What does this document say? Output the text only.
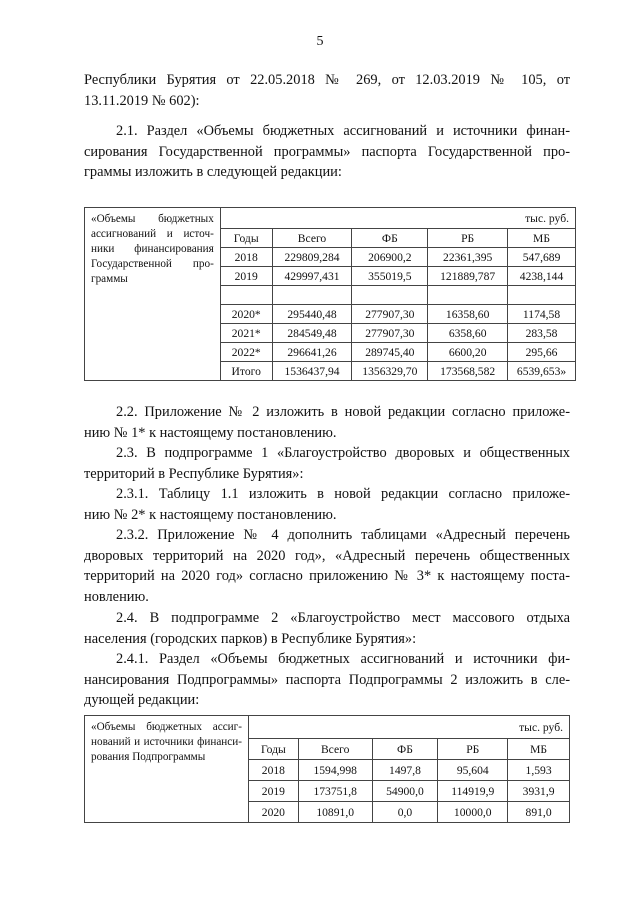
5
Республики Бурятия от 22.05.2018 № 269, от 12.03.2019 № 105, от
13.11.2019 № 602):
2.1. Раздел «Объемы бюджетных ассигнований и источники финан-
сирования Государственной программы» паспорта Государственной про-
граммы изложить в следующей редакции:
«Объемы бюджетных
ассигнований и источ-
ники финансирования
Государственной про-
граммы	тыс. руб.				
	Годы	Всего	ФБ	РБ	МБ
	2018	229809,284	206900,2	22361,395	547,689
	2019	429997,431	355019,5	121889,787	4238,144

	2020*	295440,48	277907,30	16358,60	1174,58
	2021*	284549,48	277907,30	6358,60	283,58
	2022*	296641,26	289745,40	6600,20	295,66
	Итого	1536437,94	1356329,70	173568,582	6539,653»
2.2. Приложение № 2 изложить в новой редакции согласно приложе-
нию № 1* к настоящему постановлению.
2.3. В подпрограмме 1 «Благоустройство дворовых и общественных
территорий в Республике Бурятия»:
2.3.1. Таблицу 1.1 изложить в новой редакции согласно приложе-
нию № 2* к настоящему постановлению.
2.3.2. Приложение № 4 дополнить таблицами «Адресный перечень
дворовых территорий на 2020 год», «Адресный перечень общественных
территорий на 2020 год» согласно приложению № 3* к настоящему поста-
новлению.
2.4. В подпрограмме 2 «Благоустройство мест массового отдыха
населения (городских парков) в Республике Бурятия»:
2.4.1. Раздел «Объемы бюджетных ассигнований и источники фи-
нансирования Подпрограммы» паспорта Подпрограммы 2 изложить в сле-
дующей редакции:
«Объемы бюджетных ассиг-
нований и источники финанси-
рования Подпрограммы	тыс. руб.				
	Годы	Всего	ФБ	РБ	МБ
	2018	1594,998	1497,8	95,604	1,593
	2019	173751,8	54900,0	114919,9	3931,9
	2020	10891,0	0,0	10000,0	891,0
